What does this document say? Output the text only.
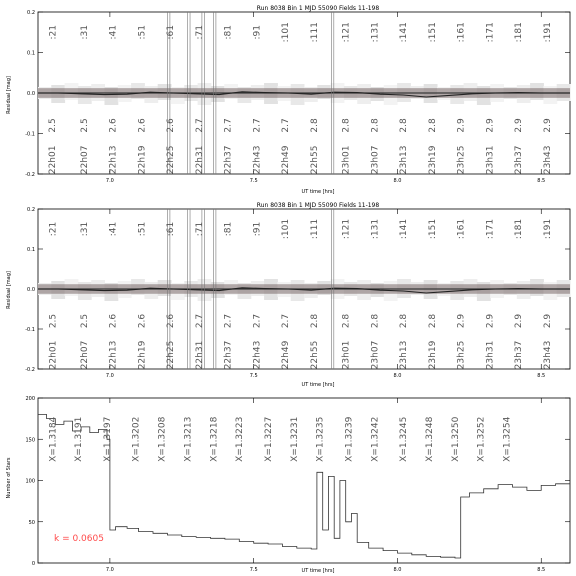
Run 8038 Bin 1 MJD 55090 Fields 11-198
Residual [mag]
UT time [hrs]
Run 8038 Bin 1 MJD 55090 Fields 11-198
Residual [mag]
UT time [hrs]
Number of Stars
UT time [hrs]
k = 0.0605
7.0	7.5	8.0	8.5
-0.2
-0.1
0.0
0.1
0.2
:21
2.5
22h01
:31
2.5
22h07
:41
2.6
22h13
:51
2.6
22h19
:61
2.6
22h25
:71
2.7
22h31
:81
2.7
22h37
:91
2.7
22h43
:101
2.7
22h49
:111
2.8
22h55
:121
2.8
23h01
:131
2.8
23h07
:141
2.8
23h13
:151
2.8
23h19
:161
2.9
23h25
:171
2.9
23h31
:181
2.9
23h37
:191
2.9
23h43
7.0	7.5	8.0	8.5
-0.2
-0.1
0.0
0.1
0.2
:21
2.5
22h01
:31
2.5
22h07
:41
2.6
22h13
:51
2.6
22h19
:61
2.6
22h25
:71
2.7
22h31
:81
2.7
22h37
:91
2.7
22h43
:101
2.7
22h49
:111
2.8
22h55
:121
2.8
23h01
:131
2.8
23h07
:141
2.8
23h13
:151
2.8
23h19
:161
2.9
23h25
:171
2.9
23h31
:181
2.9
23h37
:191
2.9
23h43
7.0	7.5	8.0	8.5
0
50
100
150
200
X=1.3184 X=1.3191 X=1.3197 X=1.3202 X=1.3208 X=1.3213 X=1.3218 X=1.3223 X=1.3227 X=1.3231 X=1.3235 X=1.3239 X=1.3242 X=1.3245 X=1.3248 X=1.3250 X=1.3252 X=1.3254
